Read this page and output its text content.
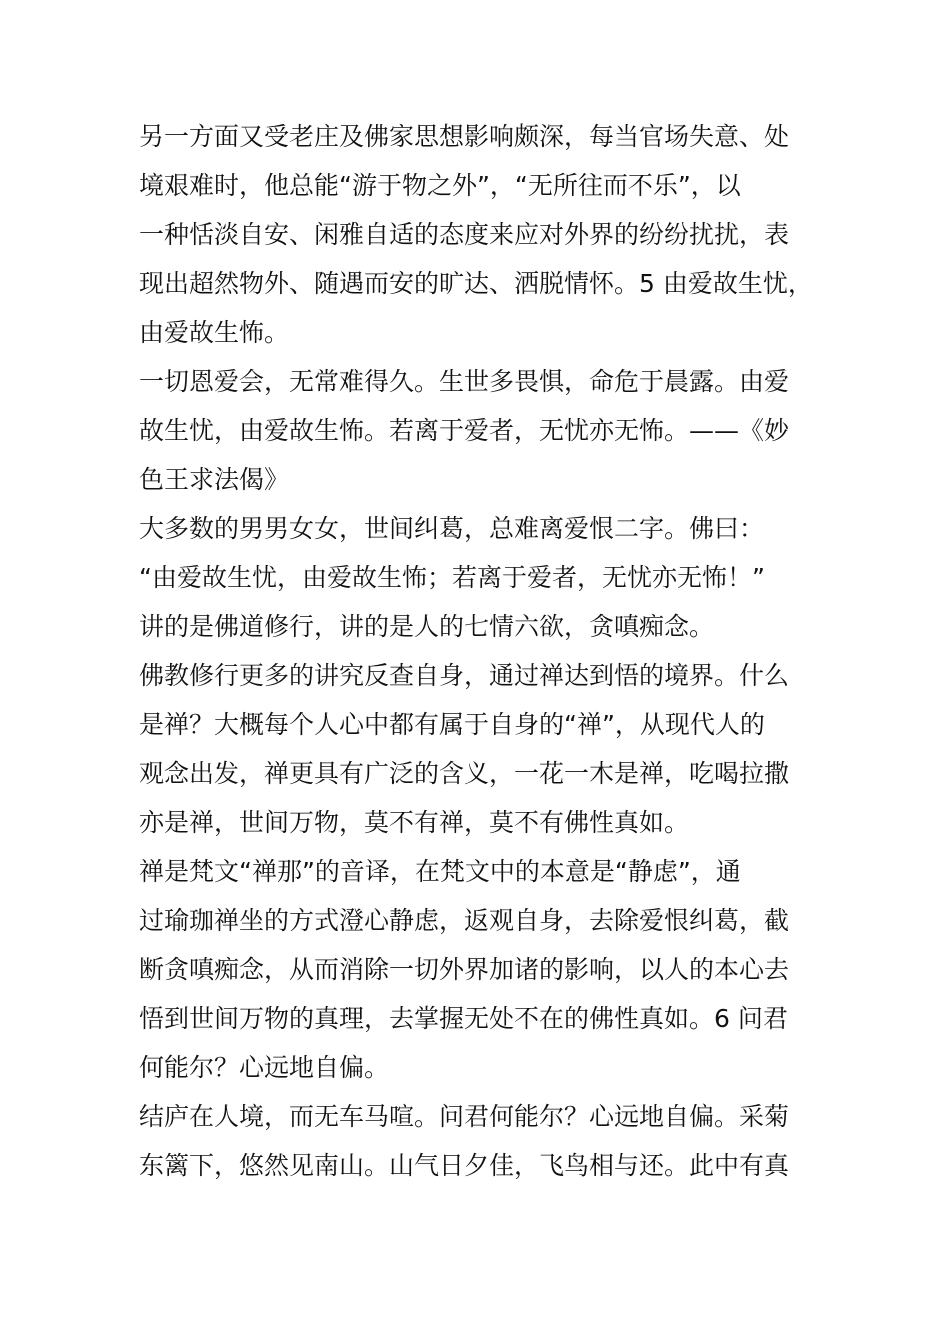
另一方面又受老庄及佛家思想影响颇深，每当官场失意、处
境艰难时，他总能“游于物之外”，“无所往而不乐”，以
一种恬淡自安、闲雅自适的态度来应对外界的纷纷扰扰，表
现出超然物外、随遇而安的旷达、洒脱情怀。5 由爱故生忧，
由爱故生怖。
一切恩爱会，无常难得久。生世多畏惧，命危于晨露。由爱
故生忧，由爱故生怖。若离于爱者，无忧亦无怖。——《妙
色王求法偈》
大多数的男男女女，世间纠葛，总难离爱恨二字。佛曰：
“由爱故生忧，由爱故生怖；若离于爱者，无忧亦无怖！”
讲的是佛道修行，讲的是人的七情六欲，贪嗔痴念。
佛教修行更多的讲究反查自身，通过禅达到悟的境界。什么
是禅？大概每个人心中都有属于自身的“禅”，从现代人的
观念出发，禅更具有广泛的含义，一花一木是禅，吃喝拉撒
亦是禅，世间万物，莫不有禅，莫不有佛性真如。
禅是梵文“禅那”的音译，在梵文中的本意是“静虑”，通
过瑜珈禅坐的方式澄心静虑，返观自身，去除爱恨纠葛，截
断贪嗔痴念，从而消除一切外界加诸的影响，以人的本心去
悟到世间万物的真理，去掌握无处不在的佛性真如。6 问君
何能尔？心远地自偏。
结庐在人境，而无车马喧。问君何能尔？心远地自偏。采菊
东篱下，悠然见南山。山气日夕佳，飞鸟相与还。此中有真
